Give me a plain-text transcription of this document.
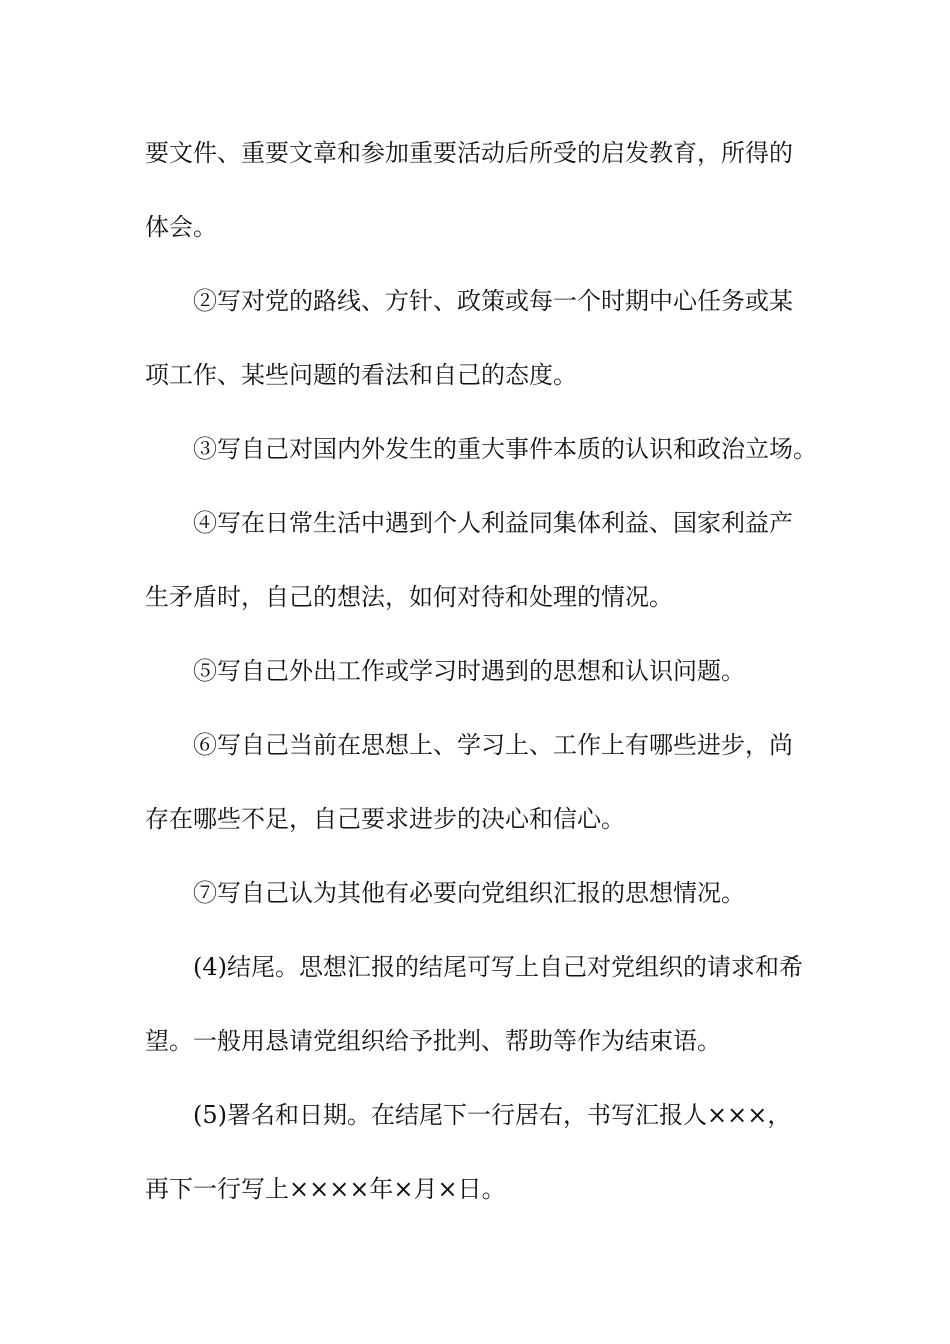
要文件、重要文章和参加重要活动后所受的启发教育，所得的
体会。
②写对党的路线、方针、政策或每一个时期中心任务或某
项工作、某些问题的看法和自己的态度。
③写自己对国内外发生的重大事件本质的认识和政治立场。
④写在日常生活中遇到个人利益同集体利益、国家利益产
生矛盾时，自己的想法，如何对待和处理的情况。
⑤写自己外出工作或学习时遇到的思想和认识问题。
⑥写自己当前在思想上、学习上、工作上有哪些进步，尚
存在哪些不足，自己要求进步的决心和信心。
⑦写自己认为其他有必要向党组织汇报的思想情况。
(4)结尾。思想汇报的结尾可写上自己对党组织的请求和希
望。一般用恳请党组织给予批判、帮助等作为结束语。
(5)署名和日期。在结尾下一行居右，书写汇报人×××，
再下一行写上××××年×月×日。
